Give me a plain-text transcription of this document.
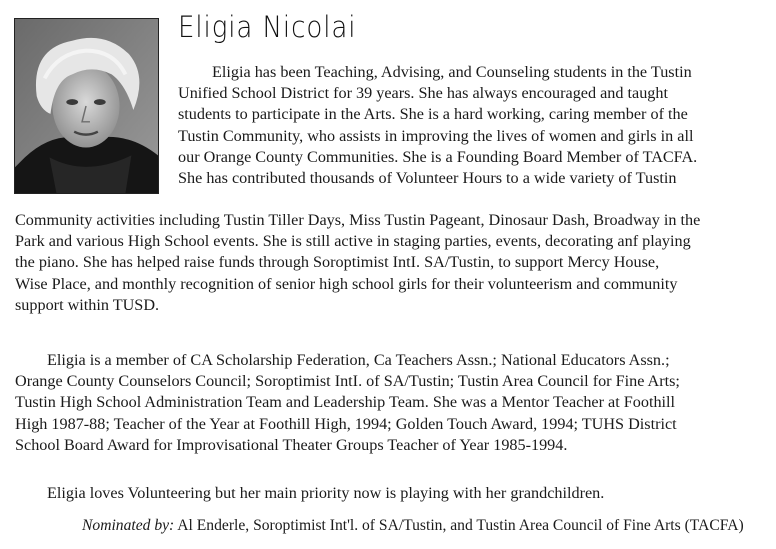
Eligia Nicolai

Eligia has been Teaching, Advising, and Counseling students in the Tustin
Unified School District for 39 years. She has always encouraged and taught
students to participate in the Arts. She is a hard working, caring member of the
Tustin Community, who assists in improving the lives of women and girls in all
our Orange County Communities. She is a Founding Board Member of TACFA.
She has contributed thousands of Volunteer Hours to a wide variety of Tustin

Community activities including Tustin Tiller Days, Miss Tustin Pageant, Dinosaur Dash, Broadway in the
Park and various High School events. She is still active in staging parties, events, decorating anf playing
the piano. She has helped raise funds through Soroptimist IntI. SA/Tustin, to support Mercy House,
Wise Place, and monthly recognition of senior high school girls for their volunteerism and community
support within TUSD.

Eligia is a member of CA Scholarship Federation, Ca Teachers Assn.; National Educators Assn.;
Orange County Counselors Council; Soroptimist IntI. of SA/Tustin; Tustin Area Council for Fine Arts;
Tustin High School Administration Team and Leadership Team. She was a Mentor Teacher at Foothill
High 1987-88; Teacher of the Year at Foothill High, 1994; Golden Touch Award, 1994; TUHS District
School Board Award for Improvisational Theater Groups Teacher of Year 1985-1994.

Eligia loves Volunteering but her main priority now is playing with her grandchildren.

Nominated by: Al Enderle, Soroptimist Int'l. of SA/Tustin, and Tustin Area Council of Fine Arts (TACFA)
